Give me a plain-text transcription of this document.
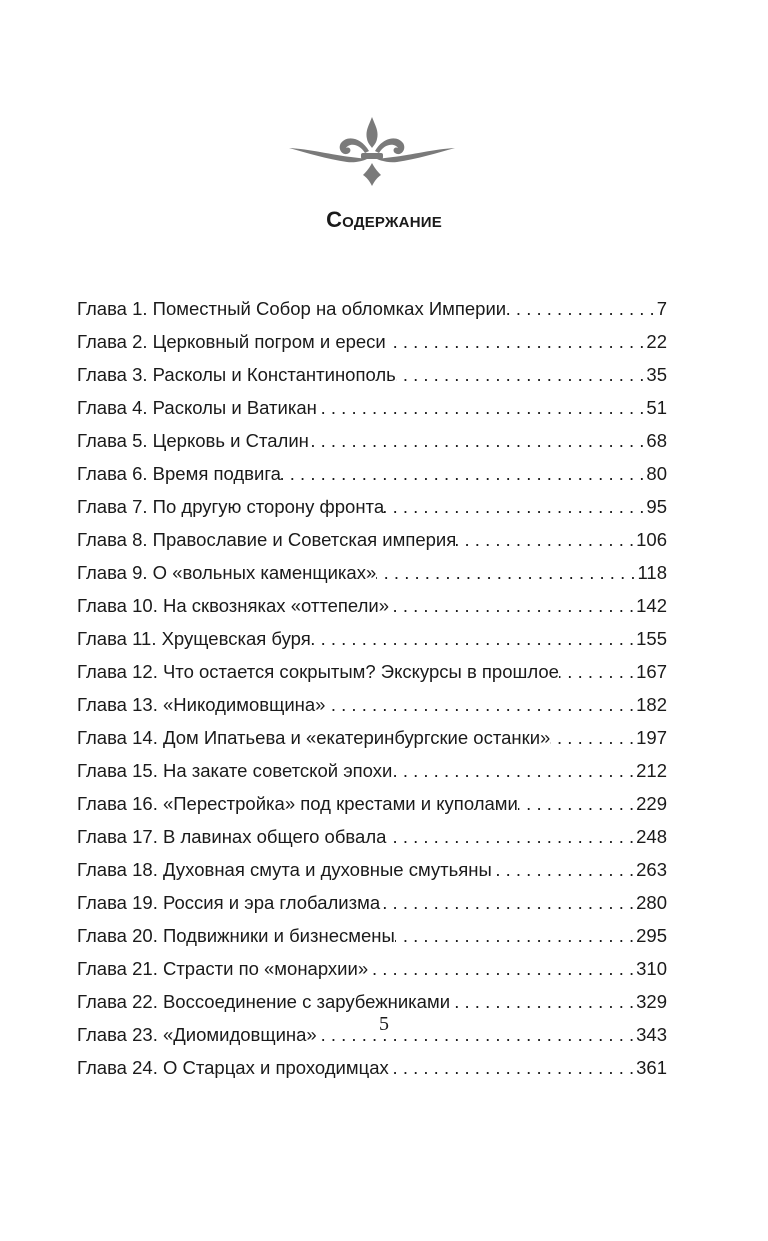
Содержание
Глава 1. Поместный Собор на обломках Империи . . .	7
Глава 2. Церковный погром и ереси . . .	22
Глава 3. Расколы и Константинополь . . .	35
Глава 4. Расколы и Ватикан . . .	51
Глава 5. Церковь и Сталин . . .	68
Глава 6. Время подвига . . .	80
Глава 7. По другую сторону фронта . . .	95
Глава 8. Православие и Советская империя . . .	106
Глава 9. О «вольных каменщиках» . . .	118
Глава 10. На сквозняках «оттепели» . . .	142
Глава 11. Хрущевская буря . . .	155
Глава 12. Что остается сокрытым? Экскурсы в прошлое . . .	167
Глава 13. «Никодимовщина» . . .	182
Глава 14. Дом Ипатьева и «екатеринбургские останки» . . .	197
Глава 15. На закате советской эпохи . . .	212
Глава 16. «Перестройка» под крестами и куполами . . .	229
Глава 17. В лавинах общего обвала . . .	248
Глава 18. Духовная смута и духовные смутьяны . . .	263
Глава 19. Россия и эра глобализма . . .	280
Глава 20. Подвижники и бизнесмены . . .	295
Глава 21. Страсти по «монархии» . . .	310
Глава 22. Воссоединение с зарубежниками . . .	329
Глава 23. «Диомидовщина» . . .	343
Глава 24. О Старцах и проходимцах . . .	361
5
